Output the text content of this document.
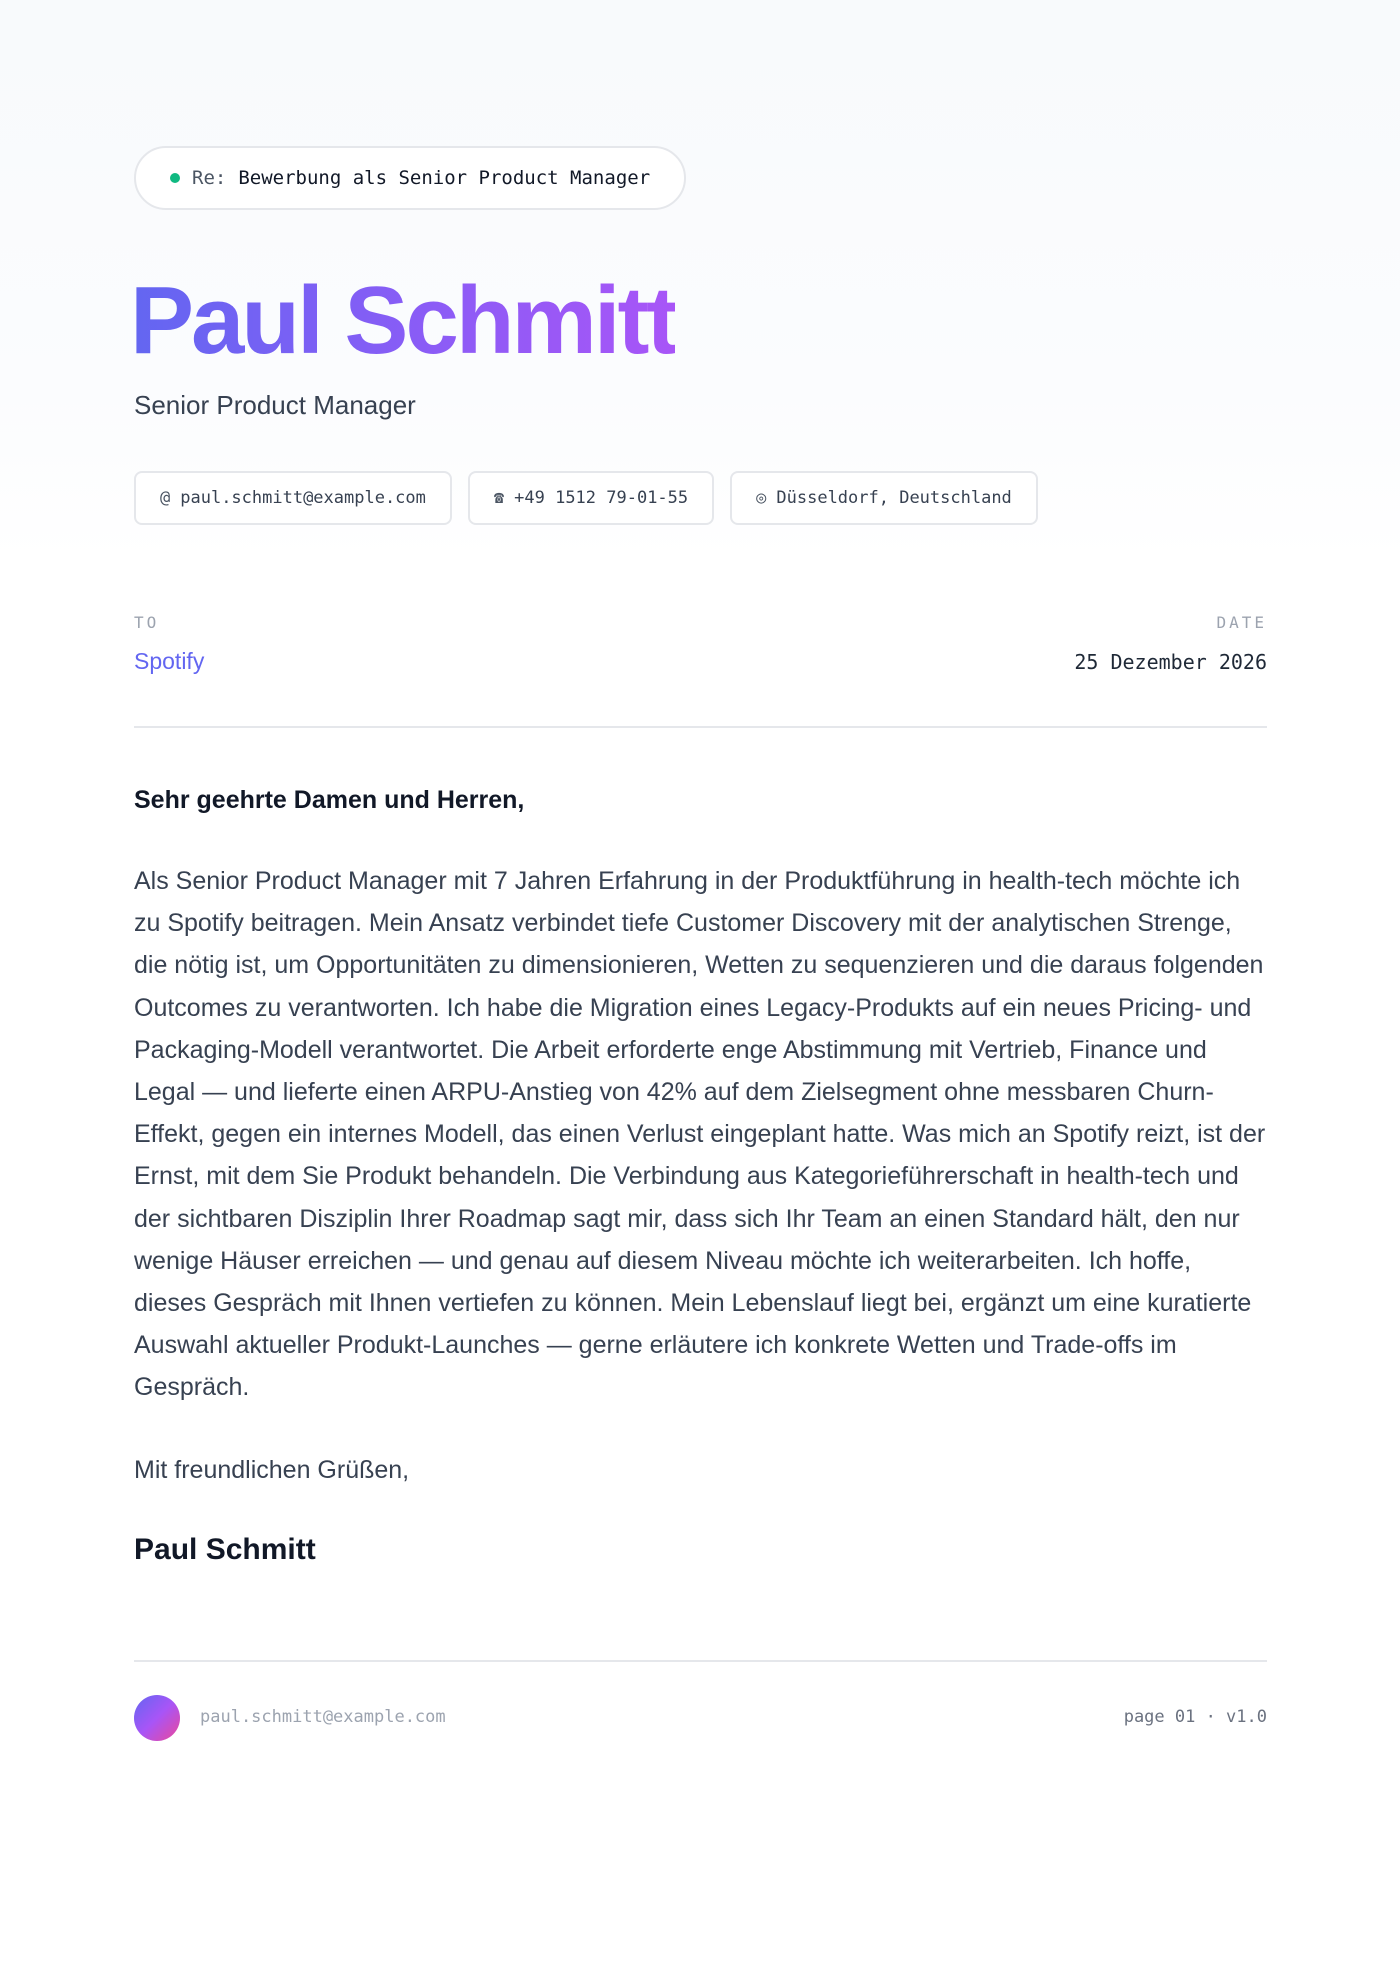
Re: Bewerbung als Senior Product Manager
Paul Schmitt
Senior Product Manager
@ paul.schmitt@example.com	☎ +49 1512 79-01-55	◎ Düsseldorf, Deutschland
TO	DATE
Spotify	25 Dezember 2026
Sehr geehrte Damen und Herren,

Als Senior Product Manager mit 7 Jahren Erfahrung in der Produktführung in health-tech möchte ich zu Spotify beitragen. Mein Ansatz verbindet tiefe Customer Discovery mit der analytischen Strenge, die nötig ist, um Opportunitäten zu dimensionieren, Wetten zu sequenzieren und die daraus folgenden Outcomes zu verantworten. Ich habe die Migration eines Legacy-Produkts auf ein neues Pricing- und Packaging-Modell verantwortet. Die Arbeit erforderte enge Abstimmung mit Vertrieb, Finance und Legal — und lieferte einen ARPU-Anstieg von 42% auf dem Zielsegment ohne messbaren Churn-Effekt, gegen ein internes Modell, das einen Verlust eingeplant hatte. Was mich an Spotify reizt, ist der Ernst, mit dem Sie Produkt behandeln. Die Verbindung aus Kategorieführerschaft in health-tech und der sichtbaren Disziplin Ihrer Roadmap sagt mir, dass sich Ihr Team an einen Standard hält, den nur wenige Häuser erreichen — und genau auf diesem Niveau möchte ich weiterarbeiten. Ich hoffe, dieses Gespräch mit Ihnen vertiefen zu können. Mein Lebenslauf liegt bei, ergänzt um eine kuratierte Auswahl aktueller Produkt-Launches — gerne erläutere ich konkrete Wetten und Trade-offs im Gespräch.

Mit freundlichen Grüßen,
Paul Schmitt
paul.schmitt@example.com	page 01 · v1.0
